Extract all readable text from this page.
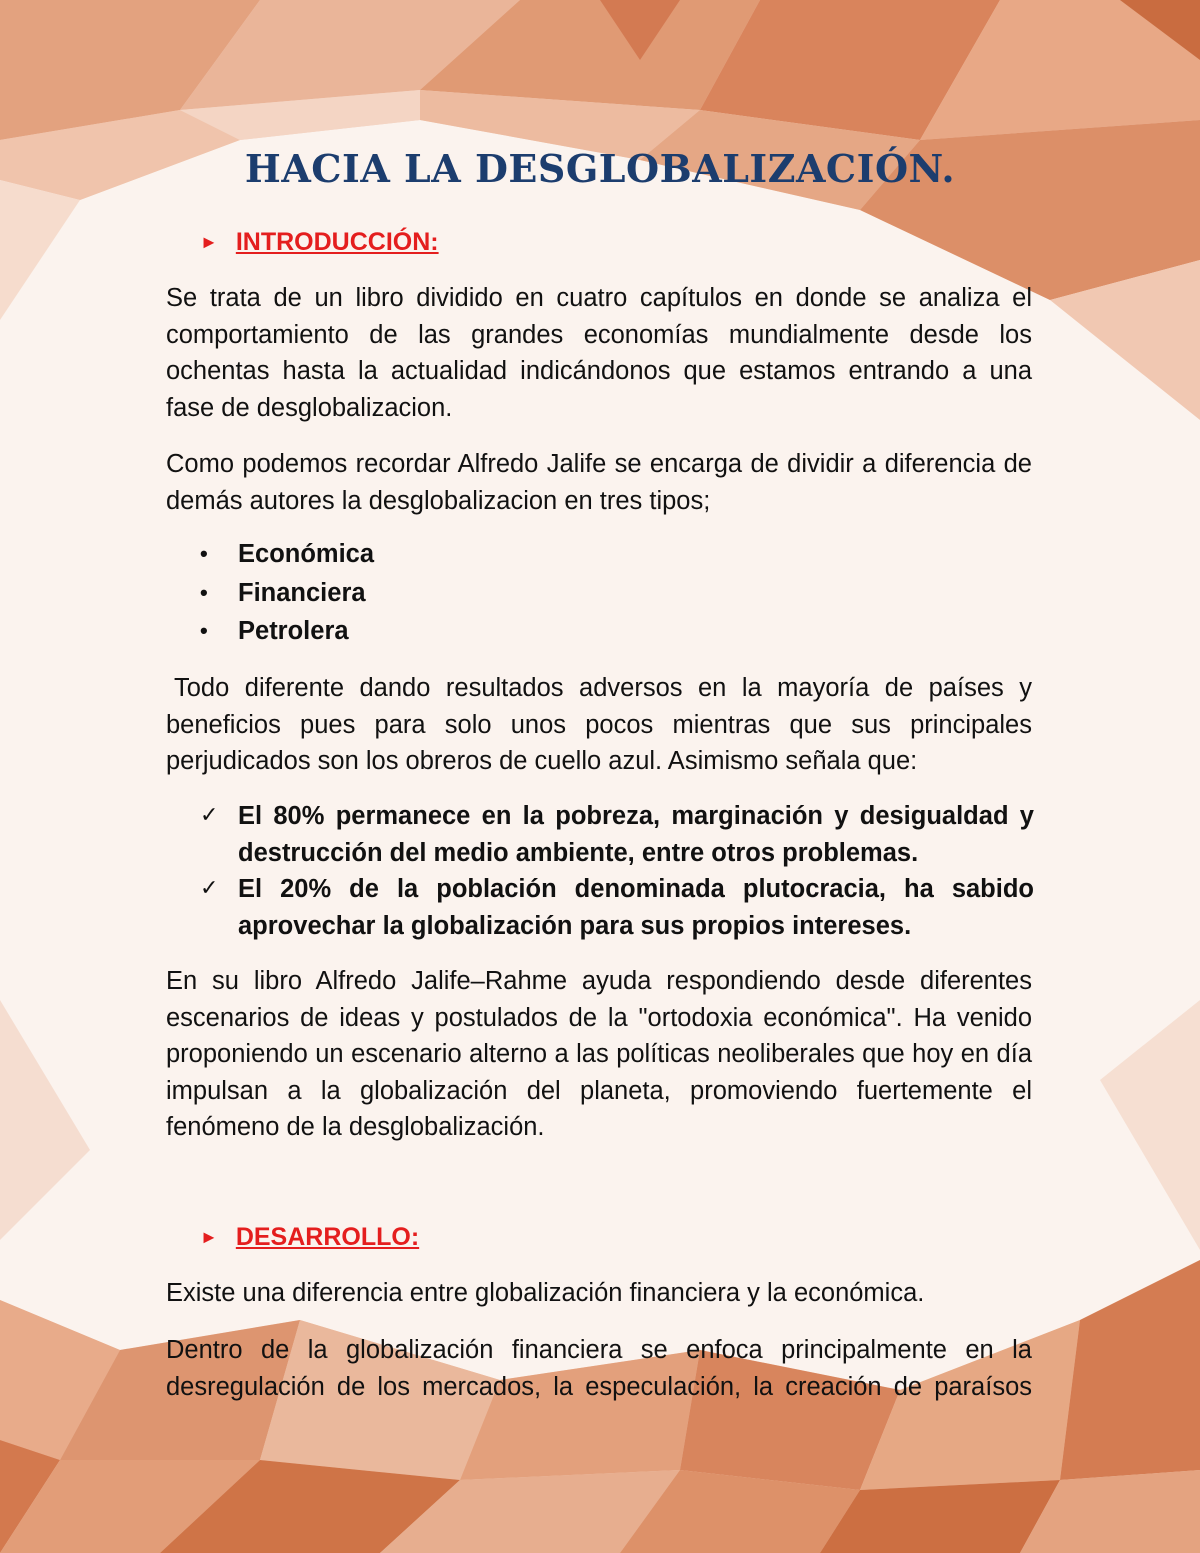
HACIA LA DESGLOBALIZACIÓN.
► INTRODUCCIÓN:

Se trata de un libro dividido en cuatro capítulos en donde se analiza el comportamiento de las grandes economías mundialmente desde los ochentas hasta la actualidad indicándonos que estamos entrando a una fase de desglobalizacion.

Como podemos recordar Alfredo Jalife se encarga de dividir a diferencia de demás autores la desglobalizacion en tres tipos;

•	Económica
•	Financiera
•	Petrolera

Todo diferente dando resultados adversos en la mayoría de países y beneficios pues para solo unos pocos mientras que sus principales perjudicados son los obreros de cuello azul. Asimismo señala que:

✓ El 80% permanece en la pobreza, marginación y desigualdad y destrucción del medio ambiente, entre otros problemas.
✓ El 20% de la población denominada plutocracia, ha sabido aprovechar la globalización para sus propios intereses.

En su libro Alfredo Jalife–Rahme ayuda respondiendo desde diferentes escenarios de ideas y postulados de la "ortodoxia económica". Ha venido proponiendo un escenario alterno a las políticas neoliberales que hoy en día impulsan a la globalización del planeta, promoviendo fuertemente el fenómeno de la desglobalización.

► DESARROLLO:

Existe una diferencia entre globalización financiera y la económica.

Dentro de la globalización financiera se enfoca principalmente en la desregulación de los mercados, la especulación, la creación de paraísos
